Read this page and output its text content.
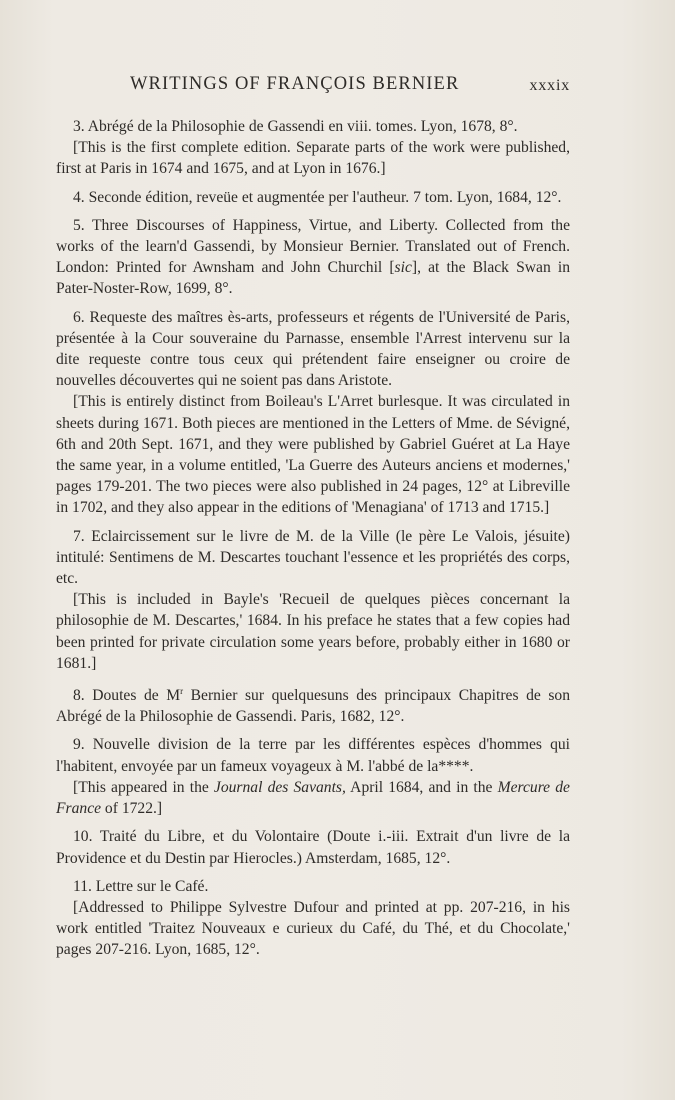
WRITINGS OF FRANÇOIS BERNIER	xxxix

3. Abrégé de la Philosophie de Gassendi en viii. tomes. Lyon, 1678, 8°.

[This is the first complete edition. Separate parts of the work were published, first at Paris in 1674 and 1675, and at Lyon in 1676.]

4. Seconde édition, reveüe et augmentée per l'autheur. 7 tom. Lyon, 1684, 12°.

5. Three Discourses of Happiness, Virtue, and Liberty. Collected from the works of the learn'd Gassendi, by Monsieur Bernier. Translated out of French. London: Printed for Awnsham and John Churchil [sic], at the Black Swan in Pater-Noster-Row, 1699, 8°.

6. Requeste des maîtres ès-arts, professeurs et régents de l'Université de Paris, présentée à la Cour souveraine du Parnasse, ensemble l'Arrest intervenu sur la dite requeste contre tous ceux qui prétendent faire enseigner ou croire de nouvelles découvertes qui ne soient pas dans Aristote.

[This is entirely distinct from Boileau's L'Arret burlesque. It was circulated in sheets during 1671. Both pieces are mentioned in the Letters of Mme. de Sévigné, 6th and 20th Sept. 1671, and they were published by Gabriel Guéret at La Haye the same year, in a volume entitled, 'La Guerre des Auteurs anciens et modernes,' pages 179-201. The two pieces were also published in 24 pages, 12° at Libreville in 1702, and they also appear in the editions of 'Menagiana' of 1713 and 1715.]

7. Eclaircissement sur le livre de M. de la Ville (le père Le Valois, jésuite) intitulé: Sentimens de M. Descartes touchant l'essence et les propriétés des corps, etc.

[This is included in Bayle's 'Recueil de quelques pièces concernant la philosophie de M. Descartes,' 1684. In his preface he states that a few copies had been printed for private circulation some years before, probably either in 1680 or 1681.]

8. Doutes de $M^r$ Bernier sur quelquesuns des principaux Chapitres de son Abrégé de la Philosophie de Gassendi. Paris, 1682, 12°.

9. Nouvelle division de la terre par les différentes espèces d'hommes qui l'habitent, envoyée par un fameux voyageux à M. l'abbé de la****.

[This appeared in the Journal des Savants, April 1684, and in the Mercure de France of 1722.]

10. Traité du Libre, et du Volontaire (Doute i.-iii. Extrait d'un livre de la Providence et du Destin par Hierocles.) Amsterdam, 1685, 12°.

11. Lettre sur le Café.

[Addressed to Philippe Sylvestre Dufour and printed at pp. 207-216, in his work entitled 'Traitez Nouveaux e curieux du Café, du Thé, et du Chocolate,' pages 207-216. Lyon, 1685, 12°.
